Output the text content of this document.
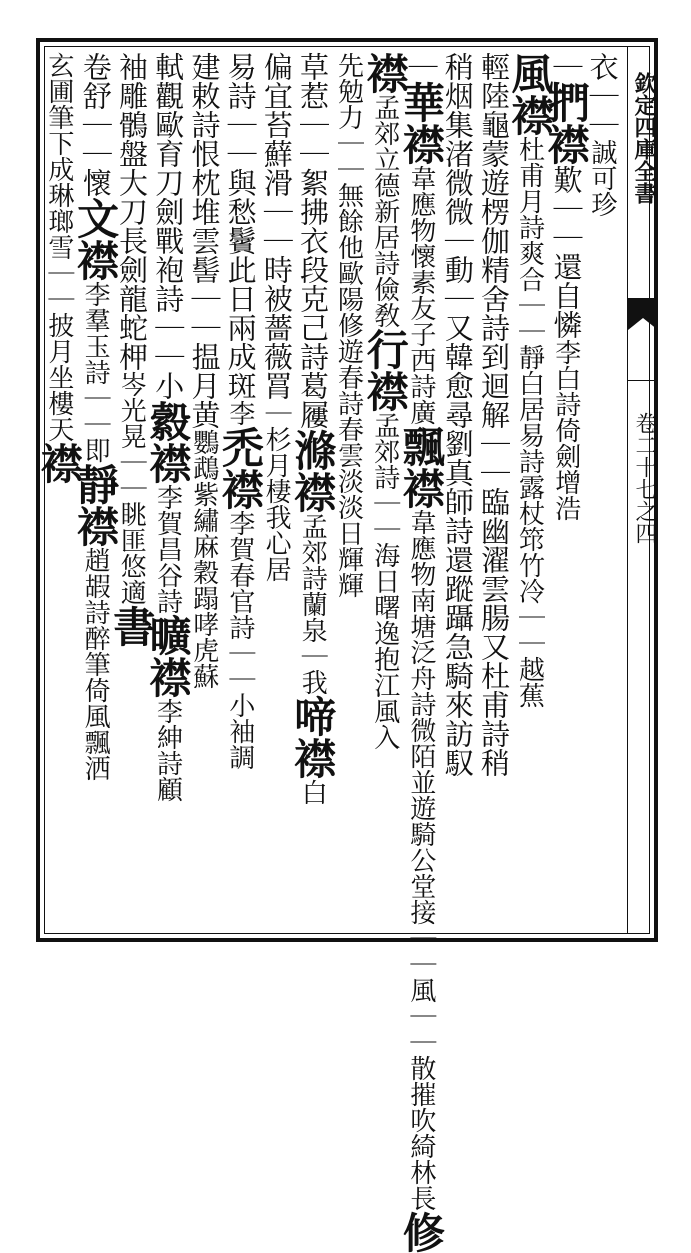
欽定四庫全書
卷二十七之四
衣
｜｜
誠可珍
｜
捫襟
歎｜｜還自憐
李白詩倚劍增浩
風襟
杜甫月詩爽合｜｜靜白居
易詩露杖筇竹冷｜｜越蕉
輕陸龜蒙遊楞伽精舍詩到迴解｜｜臨幽濯雲腸又杜甫詩稍
稍烟集渚微微｜動｜又韓愈尋劉真師詩還蹤躡急騎來訪馭
｜
華襟
韋應物懷素友子西詩廣
飄襟
韋應物南塘泛舟詩微
陌並遊騎公堂接｜｜風｜｜散摧吹綺林長
修
襟
孟郊立德新居詩儉敎
行襟
孟郊詩｜｜海日曙逸抱江風入
先勉力｜｜無餘他
歐陽修遊春詩春雲淡淡日輝輝
草惹｜｜絮拂衣段克己詩葛屨
滌襟
孟郊詩蘭泉｜我
啼襟
白
偏宜苔蘚滑｜｜時被薔薇罥
｜杉月棲我心
居
易詩｜｜與愁鬢此日兩成斑
李
禿襟
李賀春官詩｜｜小袖調
建敕詩恨枕堆雲髻｜｜揾月黄
鸚鵡紫繡麻穀蹋哮虎蘇
軾觀歐育刀劍戰袍詩｜｜小
縠襟
李賀昌谷詩
曠襟
李紳詩顧
袖雕鶻盤大刀長劍龍蛇柙
岑光晃｜｜
眺匪悠適
書
卷舒｜｜懷
文襟
李羣玉詩｜｜即
靜襟
趙嘏詩醉筆倚風飄洒
玄圃筆下成琳瑯
雪｜｜披月坐樓天
襟
